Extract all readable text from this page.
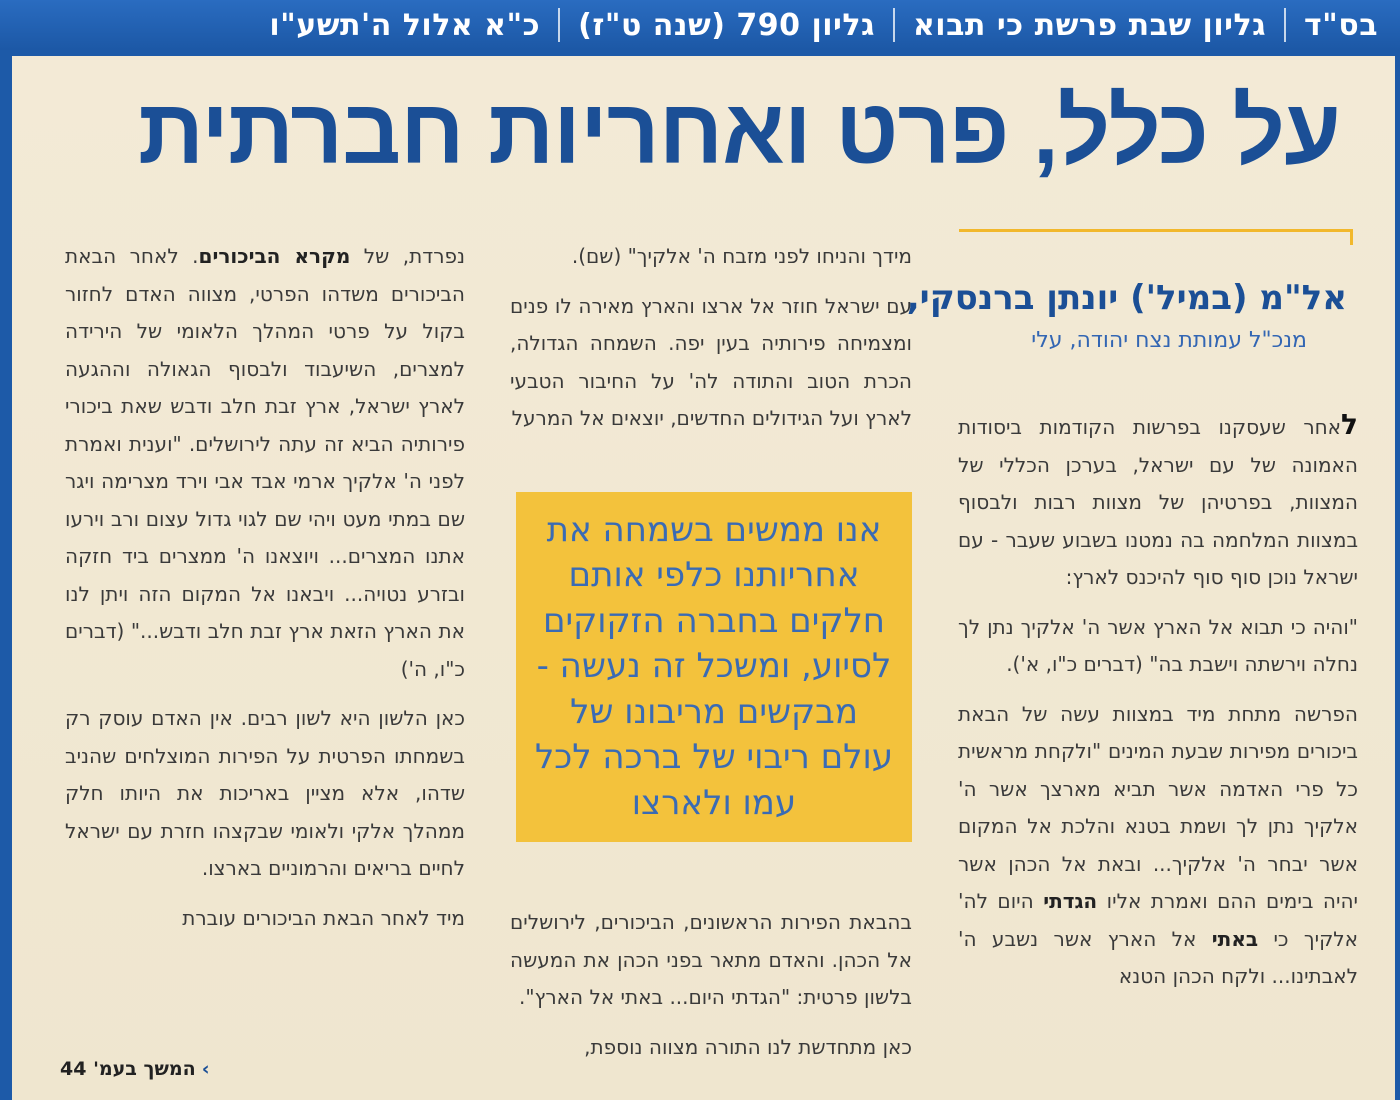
בס"ד
גליון שבת פרשת כי תבוא
גליון 790 (שנה ט"ז)
כ"א אלול ה'תשע"ו
על כלל, פרט ואחריות חברתית
אל"מ (במיל') יונתן ברנסקי,
מנכ"ל עמותת נצח יהודה, עלי

לאחר שעסקנו בפרשות הקודמות ביסודות האמונה של עם ישראל, בערכן הכללי של המצוות, בפרטיהן של מצוות רבות ולבסוף במצוות המלחמה בה נמטנו בשבוע שעבר - עם ישראל נוכן סוף סוף להיכנס לארץ:

"והיה כי תבוא אל הארץ אשר ה' אלקיך נתן לך נחלה וירשתה וישבת בה" (דברים כ"ו, א').

הפרשה מתחת מיד במצוות עשה של הבאת ביכורים מפירות שבעת המינים "ולקחת מראשית כל פרי האדמה אשר תביא מארצך אשר ה' אלקיך נתן לך ושמת בטנא והלכת אל המקום אשר יבחר ה' אלקיך... ובאת אל הכהן אשר יהיה בימים ההם ואמרת אליו הגדתי היום לה' אלקיך כי באתי אל הארץ אשר נשבע ה' לאבתינו... ולקח הכהן הטנא

מידך והניחו לפני מזבח ה' אלקיך" (שם).

עם ישראל חוזר אל ארצו והארץ מאירה לו פנים ומצמיחה פירותיה בעין יפה. השמחה הגדולה, הכרת הטוב והתודה לה' על החיבור הטבעי לארץ ועל הגידולים החדשים, יוצאים אל המרעל

אנו ממשים בשמחה את אחריותנו כלפי אותם חלקים בחברה הזקוקים לסיוע, ומשכל זה נעשה - מבקשים מריבונו של עולם ריבוי של ברכה לכל עמו ולארצו

בהבאת הפירות הראשונים, הביכורים, לירושלים אל הכהן. והאדם מתאר בפני הכהן את המעשה בלשון פרטית: "הגדתי היום... באתי אל הארץ".

כאן מתחדשת לנו התורה מצווה נוספת,

נפרדת, של מקרא הביכורים. לאחר הבאת הביכורים משדהו הפרטי, מצווה האדם לחזור בקול על פרטי המהלך הלאומי של הירידה למצרים, השיעבוד ולבסוף הגאולה וההגעה לארץ ישראל, ארץ זבת חלב ודבש שאת ביכורי פירותיה הביא זה עתה לירושלים. "וענית ואמרת לפני ה' אלקיך ארמי אבד אבי וירד מצרימה ויגר שם במתי מעט ויהי שם לגוי גדול עצום ורב וירעו אתנו המצרים... ויוצאנו ה' ממצרים ביד חזקה ובזרע נטויה... ויבאנו אל המקום הזה ויתן לנו את הארץ הזאת ארץ זבת חלב ודבש..." (דברים כ"ו, ה')

כאן הלשון היא לשון רבים. אין האדם עוסק רק בשמחתו הפרטית על הפירות המוצלחים שהניב שדהו, אלא מציין באריכות את היותו חלק ממהלך אלקי ולאומי שבקצהו חזרת עם ישראל לחיים בריאים והרמוניים בארצו.

מיד לאחר הבאת הביכורים עוברת

›המשך בעמ' 44
